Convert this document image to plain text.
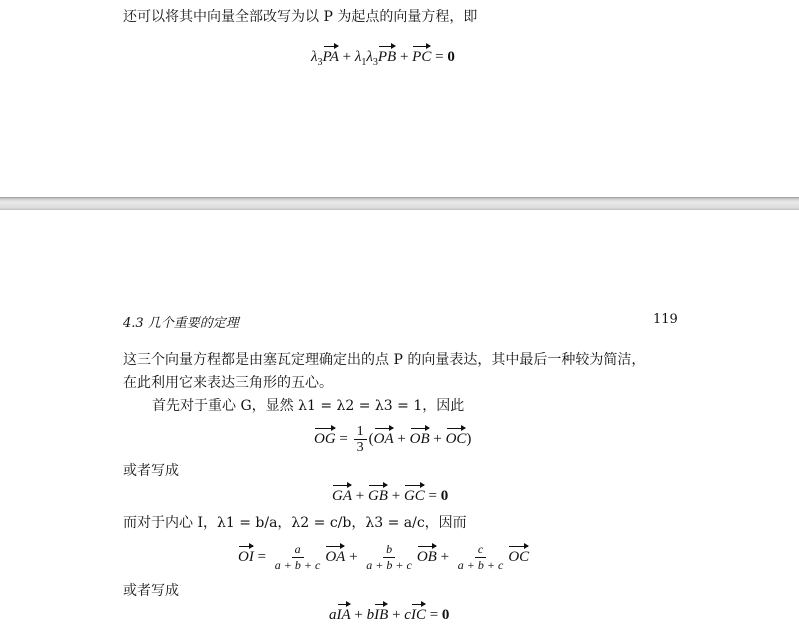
还可以将其中向量全部改写为以 P 为起点的向量方程，即
$\lambda_3PA + \lambda_1\lambda_3PB$ + PC = 0
4.3 几个重要的定理	119
这三个向量方程都是由塞瓦定理确定出的点 P 的向量表达，其中最后一种较为简洁，
在此利用它来表达三角形的五心。
首先对于重心 G，显然 λ1 = λ2 = λ3 = 1，因此
OG = $\frac{1}{3} (OA$ + OB + OC)
或者写成
GA + GB + GC = 0
而对于内心 I，λ1 = b/a，λ2 = c/b，λ3 = a/c，因而
OI = $\frac{a}{a + b + c}$ OA + $\frac{b}{a + b + c}$ OB + $\frac{c}{a + b + c}$ OC
或者写成
aIA + bIB + cIC = 0
